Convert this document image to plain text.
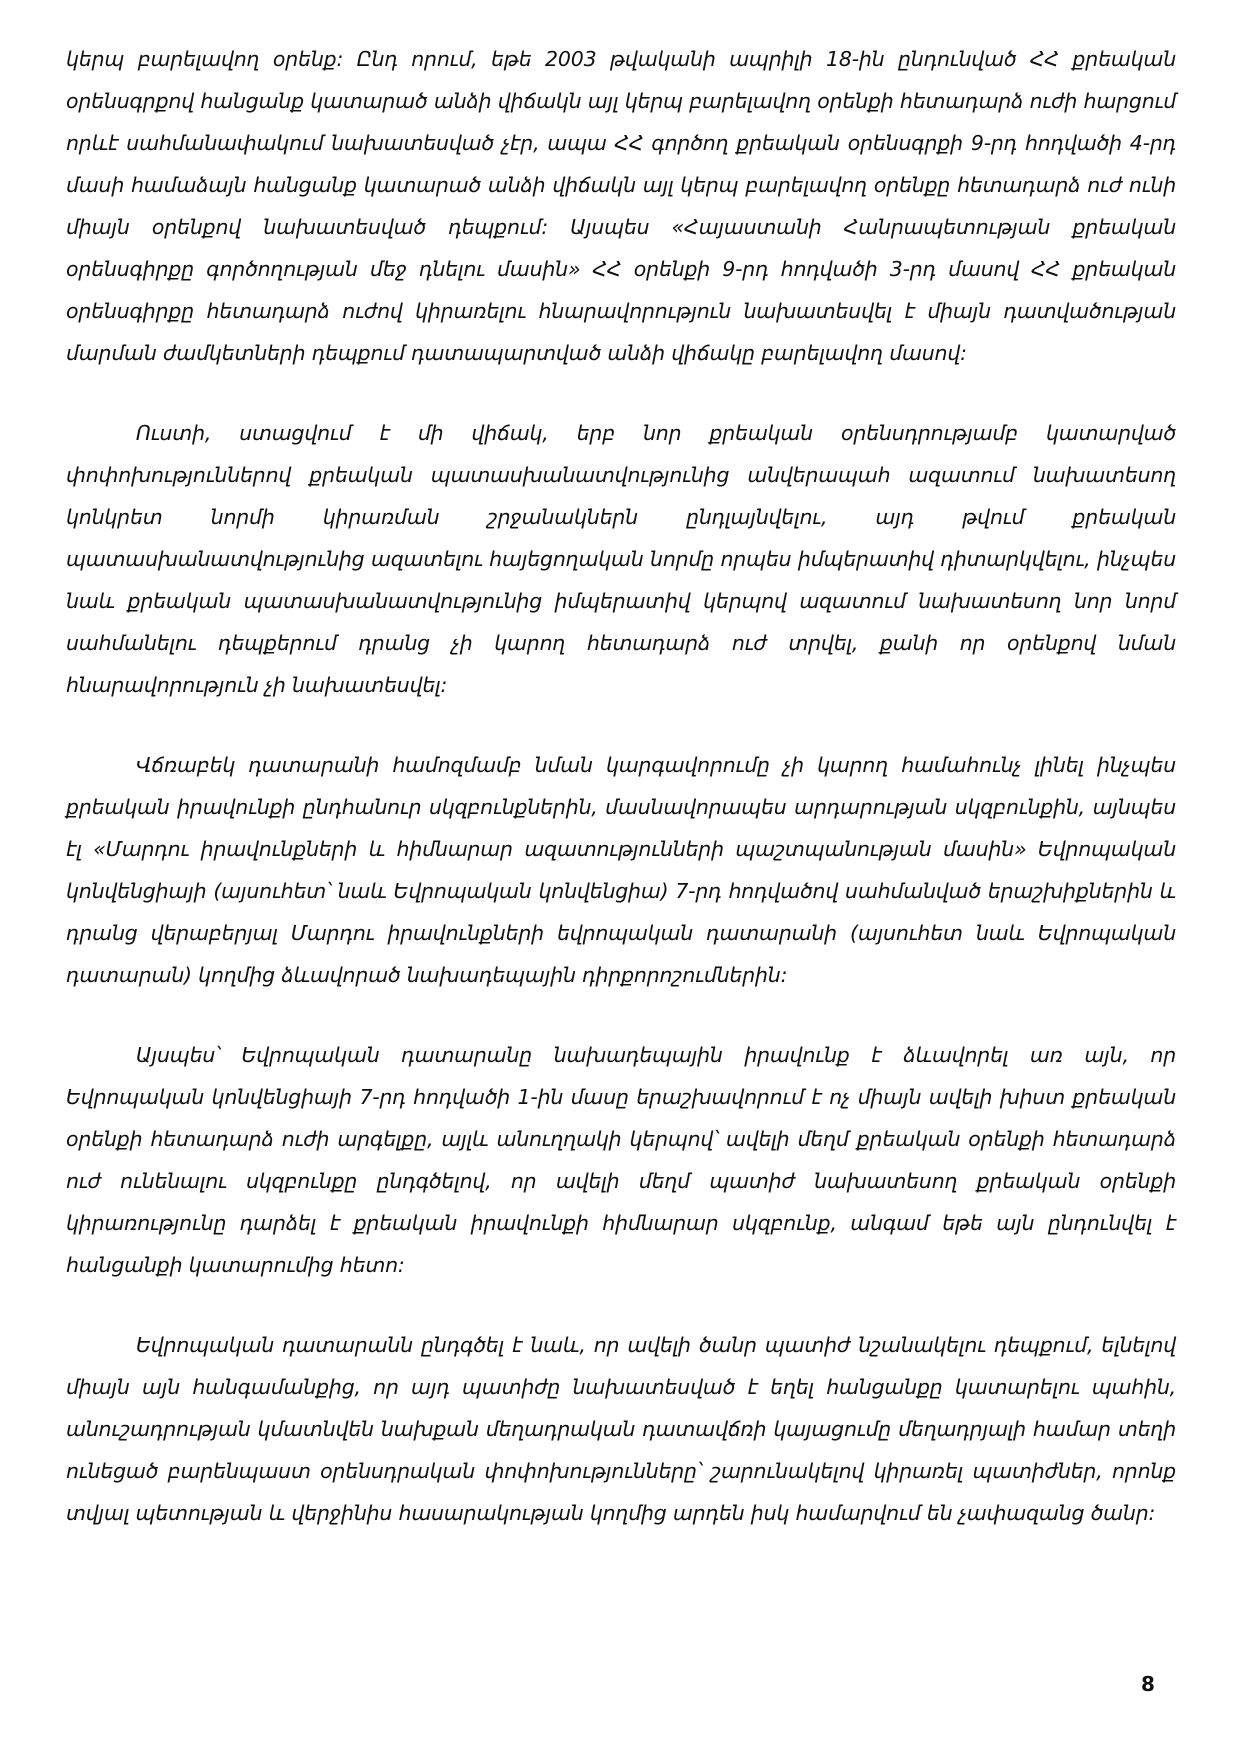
կերպ բարելավող օրենք: Ընդ որում, եթե 2003 թվականի ապրիլի 18-ին ընդունված ՀՀ քրեական օրենսգրքով հանցանք կատարած անձի վիճակն այլ կերպ բարելավող օրենքի հետադարձ ուժի հարցում որևէ սահմանափակում նախատեսված չէր, ապա ՀՀ գործող քրեական օրենսգրքի 9-րդ հոդվածի 4-րդ մասի համաձայն հանցանք կատարած անձի վիճակն այլ կերպ բարելավող օրենքը հետադարձ ուժ ունի միայն օրենքով նախատեսված դեպքում: Այսպես «Հայաստանի Հանրապետության քրեական օրենսգիրքը գործողության մեջ դնելու մասին» ՀՀ օրենքի 9-րդ հոդվածի 3-րդ մասով ՀՀ քրեական օրենսգիրքը հետադարձ ուժով կիրառելու հնարավորություն նախատեսվել է միայն դատվածության մարման ժամկետների դեպքում դատապարտված անձի վիճակը բարելավող մասով:

Ուստի, ստացվում է մի վիճակ, երբ նոր քրեական օրենսդրությամբ կատարված փոփոխություններով քրեական պատասխանատվությունից անվերապահ ազատում նախատեսող կոնկրետ նորմի կիրառման շրջանակներն ընդլայնվելու, այդ թվում քրեական պատասխանատվությունից ազատելու հայեցողական նորմը որպես իմպերատիվ դիտարկվելու, ինչպես նաև քրեական պատասխանատվությունից իմպերատիվ կերպով ազատում նախատեսող նոր նորմ սահմանելու դեպքերում դրանց չի կարող հետադարձ ուժ տրվել, քանի որ օրենքով նման հնարավորություն չի նախատեսվել:

Վճռաբեկ դատարանի համոզմամբ նման կարգավորումը չի կարող համահունչ լինել ինչպես քրեական իրավունքի ընդհանուր սկզբունքներին, մասնավորապես արդարության սկզբունքին, այնպես էլ «Մարդու իրավունքների և հիմնարար ազատությունների պաշտպանության մասին» Եվրոպական կոնվենցիայի (այսուհետ՝ նաև Եվրոպական կոնվենցիա) 7-րդ հոդվածով սահմանված երաշխիքներին և դրանց վերաբերյալ Մարդու իրավունքների եվրոպական դատարանի (այսուհետ նաև Եվրոպական դատարան) կողմից ձևավորած նախադեպային դիրքորոշումներին:

Այսպես՝ Եվրոպական դատարանը նախադեպային իրավունք է ձևավորել առ այն, որ Եվրոպական կոնվենցիայի 7-րդ հոդվածի 1-ին մասը երաշխավորում է ոչ միայն ավելի խիստ քրեական օրենքի հետադարձ ուժի արգելքը, այլև անուղղակի կերպով՝ ավելի մեղմ քրեական օրենքի հետադարձ ուժ ունենալու սկզբունքը ընդգծելով, որ ավելի մեղմ պատիժ նախատեսող քրեական օրենքի կիրառությունը դարձել է քրեական իրավունքի հիմնարար սկզբունք, անգամ եթե այն ընդունվել է հանցանքի կատարումից հետո:

Եվրոպական դատարանն ընդգծել է նաև, որ ավելի ծանր պատիժ նշանակելու դեպքում, ելնելով միայն այն հանգամանքից, որ այդ պատիժը նախատեսված է եղել հանցանքը կատարելու պահին, անուշադրության կմատնվեն նախքան մեղադրական դատավճռի կայացումը մեղադրյալի համար տեղի ունեցած բարենպաստ օրենսդրական փոփոխությունները՝ շարունակելով կիրառել պատիժներ, որոնք տվյալ պետության և վերջինիս հասարակության կողմից արդեն իսկ համարվում են չափազանց ծանր:

8
